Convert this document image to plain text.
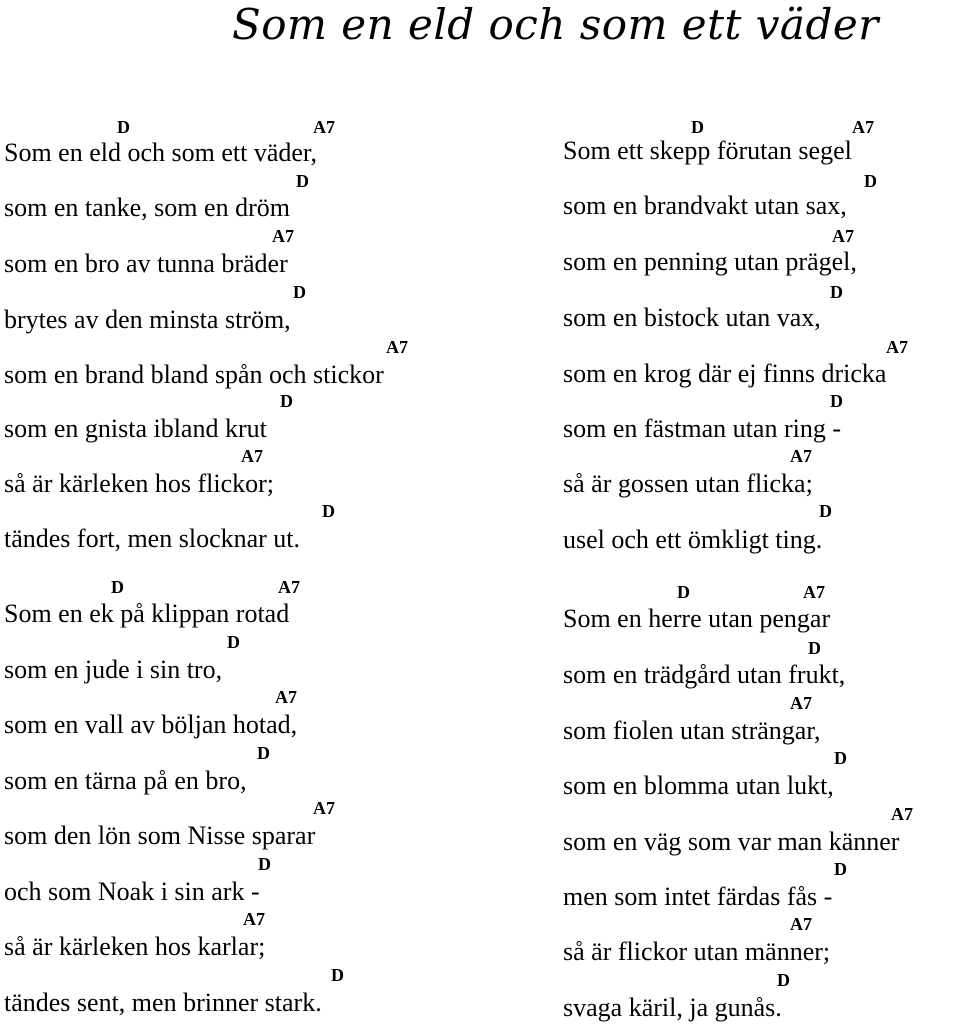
Som en eld och som ett väder
D	A7
Som en eld och som ett väder,
D
som en tanke, som en dröm
A7
som en bro av tunna bräder
D
brytes av den minsta ström,
A7
som en brand bland spån och stickor
D
som en gnista ibland krut
A7
så är kärleken hos flickor;
D
tändes fort, men slocknar ut.
D	A7
Som ett skepp förutan segel
D
som en brandvakt utan sax,
A7
som en penning utan prägel,
D
som en bistock utan vax,
A7
som en krog där ej finns dricka
D
som en fästman utan ring -
A7
så är gossen utan flicka;
D
usel och ett ömkligt ting.
D	A7
Som en ek på klippan rotad
D
som en jude i sin tro,
A7
som en vall av böljan hotad,
D
som en tärna på en bro,
A7
som den lön som Nisse sparar
D
och som Noak i sin ark -
A7
så är kärleken hos karlar;
D
tändes sent, men brinner stark.
D	A7
Som en herre utan pengar
D
som en trädgård utan frukt,
A7
som fiolen utan strängar,
D
som en blomma utan lukt,
A7
som en väg som var man känner
D
men som intet färdas fås -
A7
så är flickor utan männer;
D
svaga käril, ja gunås.
